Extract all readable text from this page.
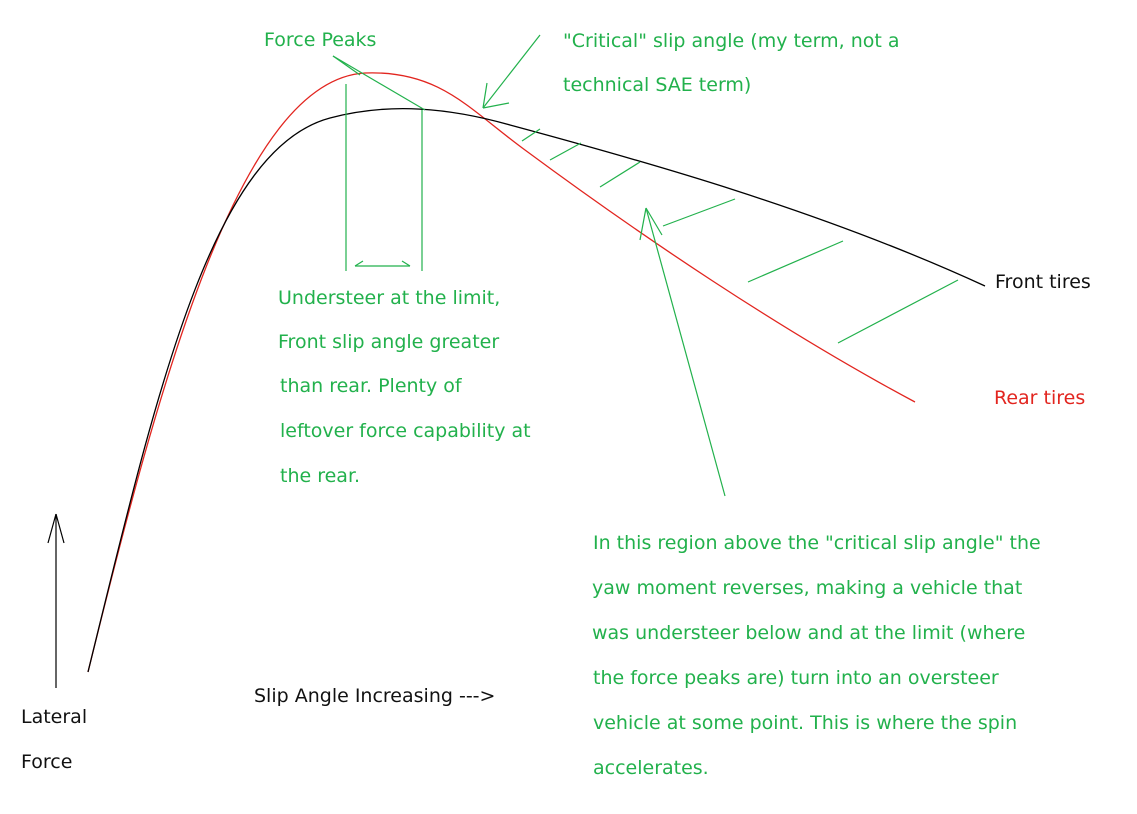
Force Peaks	"Critical" slip angle (my term, not a
technical SAE term)
Understeer at the limit,
Front slip angle greater
than rear. Plenty of
leftover force capability at
the rear.
In this region above the "critical slip angle" the
yaw moment reverses, making a vehicle that
was understeer below and at the limit (where
the force peaks are) turn into an oversteer
vehicle at some point. This is where the spin
accelerates.
Front tires
Rear tires
Lateral
Force
Slip Angle Increasing --->
